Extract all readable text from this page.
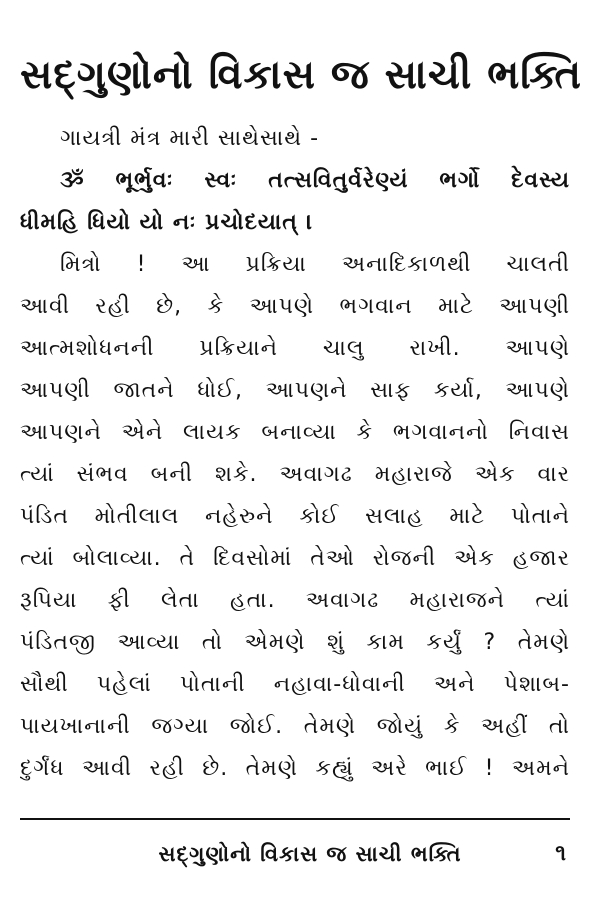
સદ્‌ગુણોનો વિકાસ જ સાચી ભક્તિ
ગાયત્રી મંત્ર મારી સાથેસાથે -
ૐ ભૂર્ભુવઃ સ્વઃ તત્સવિતુર્વરેણ્યં ભર્ગો દેવસ્ય
ધીમહિ ધિયો યો નઃ પ્રચોદયાત્‌ ।
મિત્રો ! આ પ્રક્રિયા અનાદિકાળથી ચાલતી
આવી રહી છે, કે આપણે ભગવાન માટે આપણી
આત્મશોધનની પ્રક્રિયાને ચાલુ રાખી. આપણે
આપણી જાતને ધોઈ, આપણને સાફ કર્યા, આપણે
આપણને એને લાયક બનાવ્યા કે ભગવાનનો નિવાસ
ત્યાં સંભવ બની શકે. અવાગઢ મહારાજે એક વાર
પંડિત મોતીલાલ નહેરુને કોઈ સલાહ માટે પોતાને
ત્યાં બોલાવ્યા. તે દિવસોમાં તેઓ રોજની એક હજાર
રૂપિયા ફી લેતા હતા. અવાગઢ મહારાજને ત્યાં
પંડિતજી આવ્યા તો એમણે શું કામ કર્યું ? તેમણે
સૌથી પહેલાં પોતાની નહાવા-ધોવાની અને પેશાબ-
પાયખાનાની જગ્યા જોઈ. તેમણે જોયું કે અહીં તો
દુર્ગંધ આવી રહી છે. તેમણે કહ્યું અરે ભાઈ ! અમને
સદ્‌ગુણોનો વિકાસ જ સાચી ભક્તિ	૧
